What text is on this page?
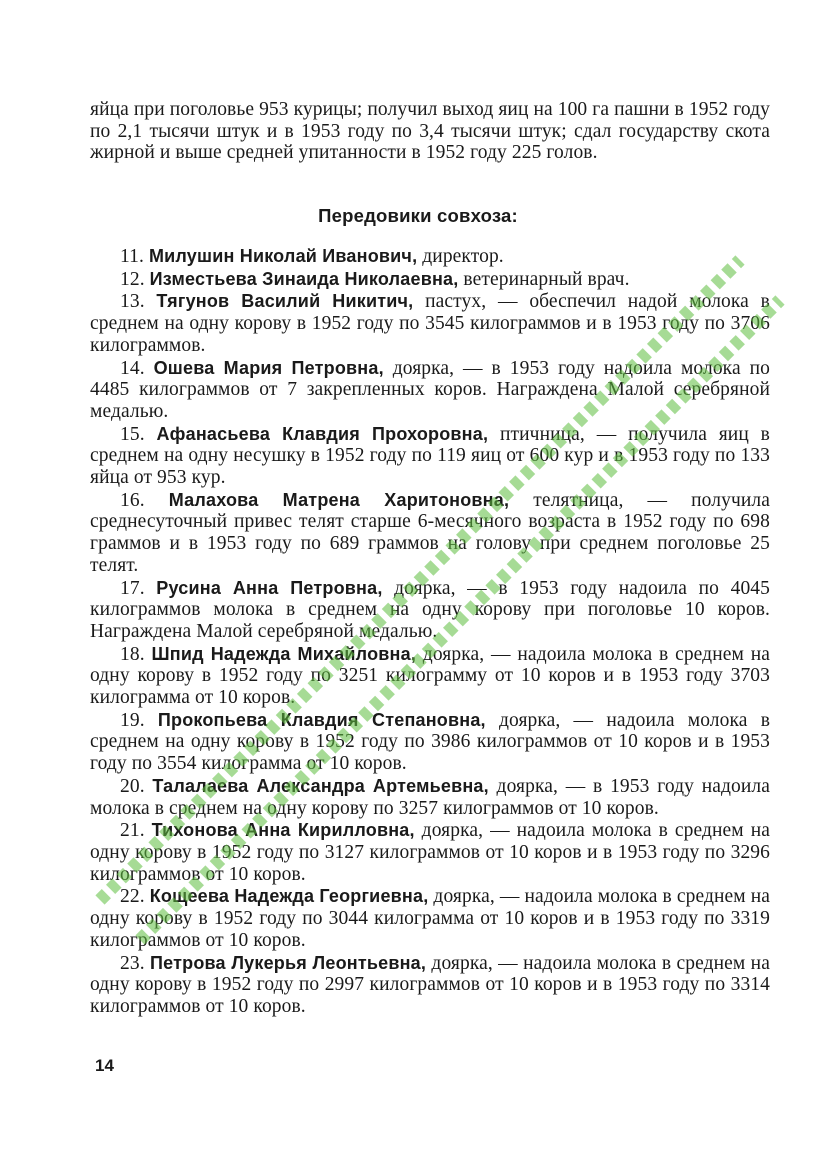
яйца при поголовье 953 курицы; получил выход яиц на 100 га пашни в 1952 году по 2,1 тысячи штук и в 1953 году по 3,4 тысячи штук; сдал государству скота жирной и выше средней упитанности в 1952 году 225 голов.

Передовики совхоза:

11. Милушин Николай Иванович, директор.

12. Изместьева Зинаида Николаевна, ветеринарный врач.

13. Тягунов Василий Никитич, пастух, — обеспечил надой молока в среднем на одну корову в 1952 году по 3545 килограммов и в 1953 году по 3706 килограммов.

14. Ошева Мария Петровна, доярка, — в 1953 году надоила молока по 4485 килограммов от 7 закрепленных коров. Награждена Малой серебряной медалью.

15. Афанасьева Клавдия Прохоровна, птичница, — получила яиц в среднем на одну несушку в 1952 году по 119 яиц от 600 кур и в 1953 году по 133 яйца от 953 кур.

16. Малахова Матрена Харитоновна, телятница, — получила среднесуточный привес телят старше 6-месячного возраста в 1952 году по 698 граммов и в 1953 году по 689 граммов на голову при среднем поголовье 25 телят.

17. Русина Анна Петровна, доярка, — в 1953 году надоила по 4045 килограммов молока в среднем на одну корову при поголовье 10 коров. Награждена Малой серебряной медалью.

18. Шпид Надежда Михайловна, доярка, — надоила молока в среднем на одну корову в 1952 году по 3251 килограмму от 10 коров и в 1953 году 3703 килограмма от 10 коров.

19. Прокопьева Клавдия Степановна, доярка, — надоила молока в среднем на одну корову в 1952 году по 3986 килограммов от 10 коров и в 1953 году по 3554 килограмма от 10 коров.

20. Талалаева Александра Артемьевна, доярка, — в 1953 году надоила молока в среднем на одну корову по 3257 килограммов от 10 коров.

21. Тихонова Анна Кирилловна, доярка, — надоила молока в среднем на одну корову в 1952 году по 3127 килограммов от 10 коров и в 1953 году по 3296 килограммов от 10 коров.

22. Кощеева Надежда Георгиевна, доярка, — надоила молока в среднем на одну корову в 1952 году по 3044 килограмма от 10 коров и в 1953 году по 3319 килограммов от 10 коров.

23. Петрова Лукерья Леонтьевна, доярка, — надоила молока в среднем на одну корову в 1952 году по 2997 килограммов от 10 коров и в 1953 году по 3314 килограммов от 10 коров.

14
